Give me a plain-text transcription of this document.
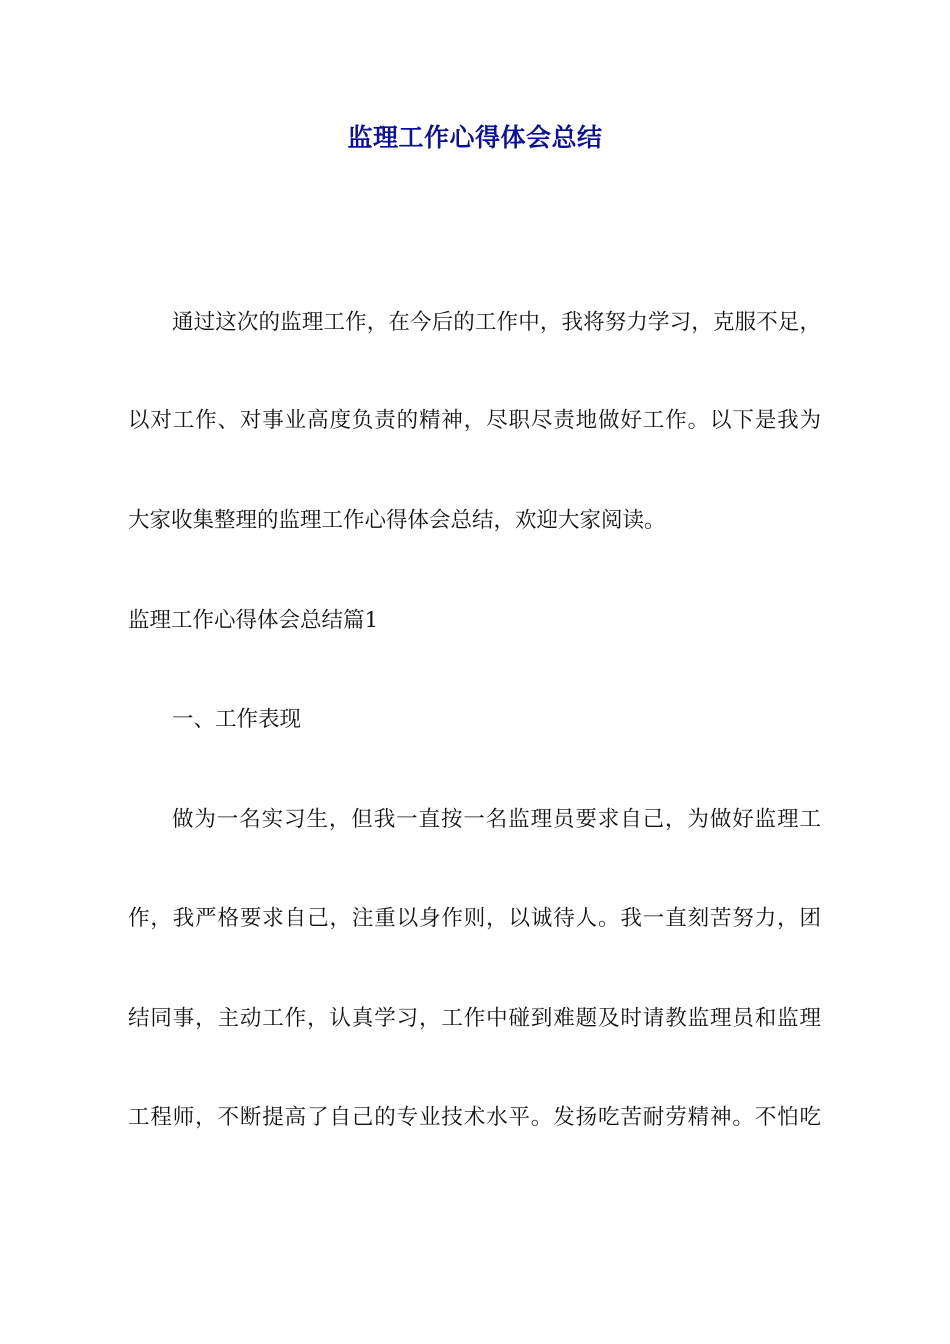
监理工作心得体会总结
通过这次的监理工作，在今后的工作中，我将努力学习，克服不足，
以对工作、对事业高度负责的精神，尽职尽责地做好工作。以下是我为
大家收集整理的监理工作心得体会总结，欢迎大家阅读。
监理工作心得体会总结篇1
一、工作表现
做为一名实习生，但我一直按一名监理员要求自己，为做好监理工
作，我严格要求自己，注重以身作则，以诚待人。我一直刻苦努力，团
结同事，主动工作，认真学习，工作中碰到难题及时请教监理员和监理
工程师，不断提高了自己的专业技术水平。发扬吃苦耐劳精神。不怕吃
